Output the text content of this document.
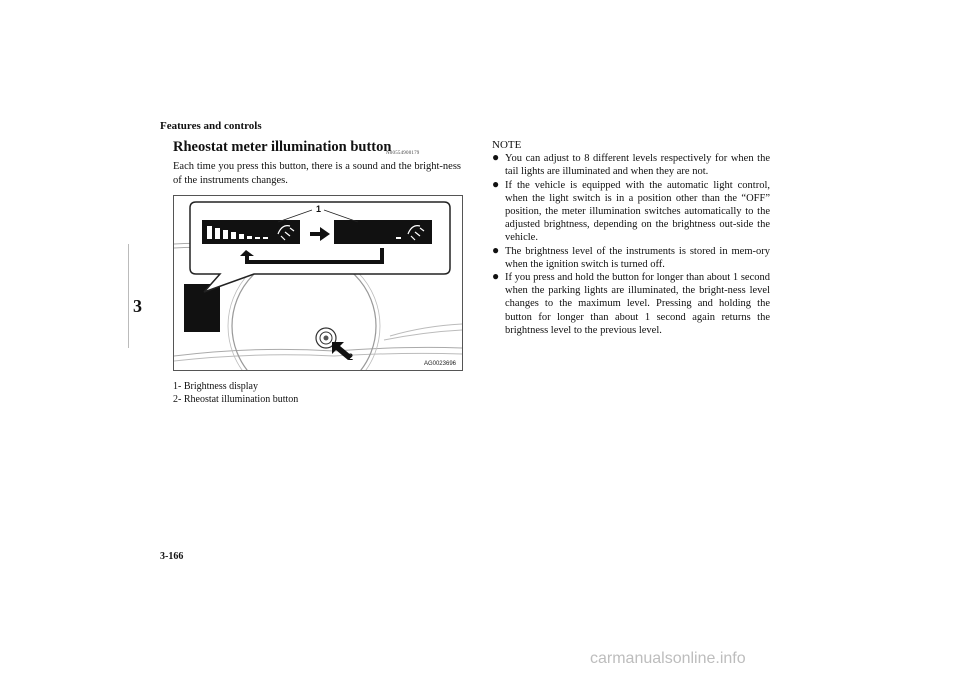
Features and controls
3
Rheostat meter illumination button
N00554900179
Each time you press this button, there is a sound and the bright-ness of the instruments changes.
1
2
AG0023696
1- Brightness display
2- Rheostat illumination button
NOTE
● You can adjust to 8 different levels respectively for when the tail lights are illuminated and when they are not.
● If the vehicle is equipped with the automatic light control, when the light switch is in a position other than the “OFF” position, the meter illumination switches automatically to the adjusted brightness, depending on the brightness out-side the vehicle.
● The brightness level of the instruments is stored in mem-ory when the ignition switch is turned off.
● If you press and hold the button for longer than about 1 second when the parking lights are illuminated, the bright-ness level changes to the maximum level. Pressing and holding the button for longer than about 1 second again returns the brightness level to the previous level.
3-166
carmanualsonline.info
